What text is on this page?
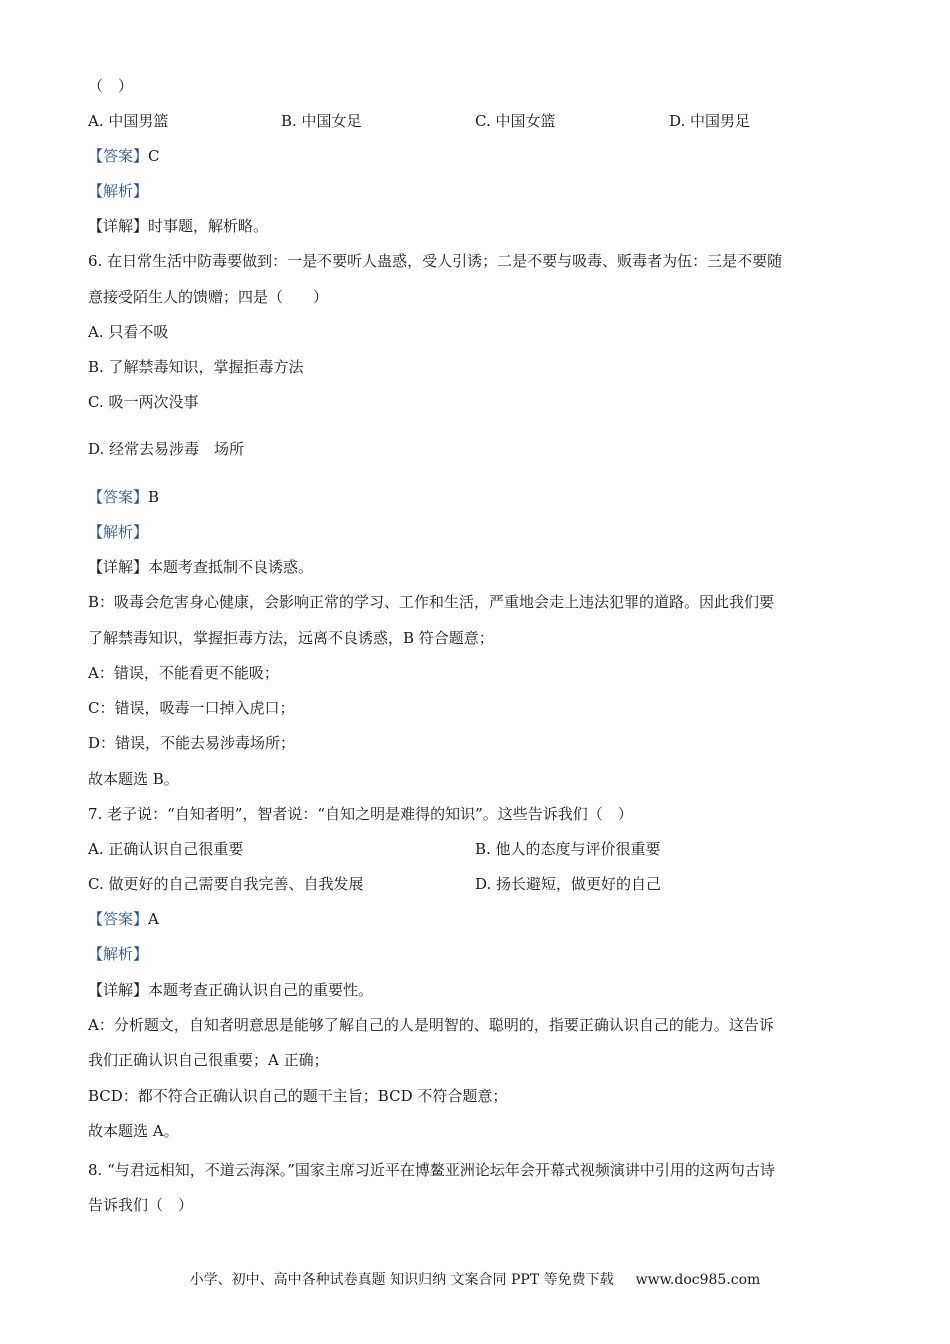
（　）
A. 中国男篮	B. 中国女足	C. 中国女篮	D. 中国男足
【答案】C
【解析】
【详解】时事题，解析略。
6. 在日常生活中防毒要做到：一是不要听人蛊惑，受人引诱；二是不要与吸毒、贩毒者为伍：三是不要随
意接受陌生人的馈赠；四是（　　）
A. 只看不吸
B. 了解禁毒知识，掌握拒毒方法
C. 吸一两次没事
D. 经常去易涉毒　场所
【答案】B
【解析】
【详解】本题考查抵制不良诱惑。
B：吸毒会危害身心健康，会影响正常的学习、工作和生活，严重地会走上违法犯罪的道路。因此我们要
了解禁毒知识，掌握拒毒方法，远离不良诱惑，B 符合题意；
A：错误，不能看更不能吸；
C：错误，吸毒一口掉入虎口；
D：错误，不能去易涉毒场所；
故本题选 B。
7. 老子说：“自知者明”，智者说：“自知之明是难得的知识”。这些告诉我们（　）
A. 正确认识自己很重要	B. 他人的态度与评价很重要
C. 做更好的自己需要自我完善、自我发展	D. 扬长避短，做更好的自己
【答案】A
【解析】
【详解】本题考查正确认识自己的重要性。
A：分析题文，自知者明意思是能够了解自己的人是明智的、聪明的，指要正确认识自己的能力。这告诉
我们正确认识自己很重要；A 正确；
BCD：都不符合正确认识自己的题干主旨；BCD 不符合题意；
故本题选 A。
8. “与君远相知，不道云海深。”国家主席习近平在博鳌亚洲论坛年会开幕式视频演讲中引用的这两句古诗
告诉我们（　）
小学、初中、高中各种试卷真题 知识归纳 文案合同 PPT 等免费下载 www.doc985.com
